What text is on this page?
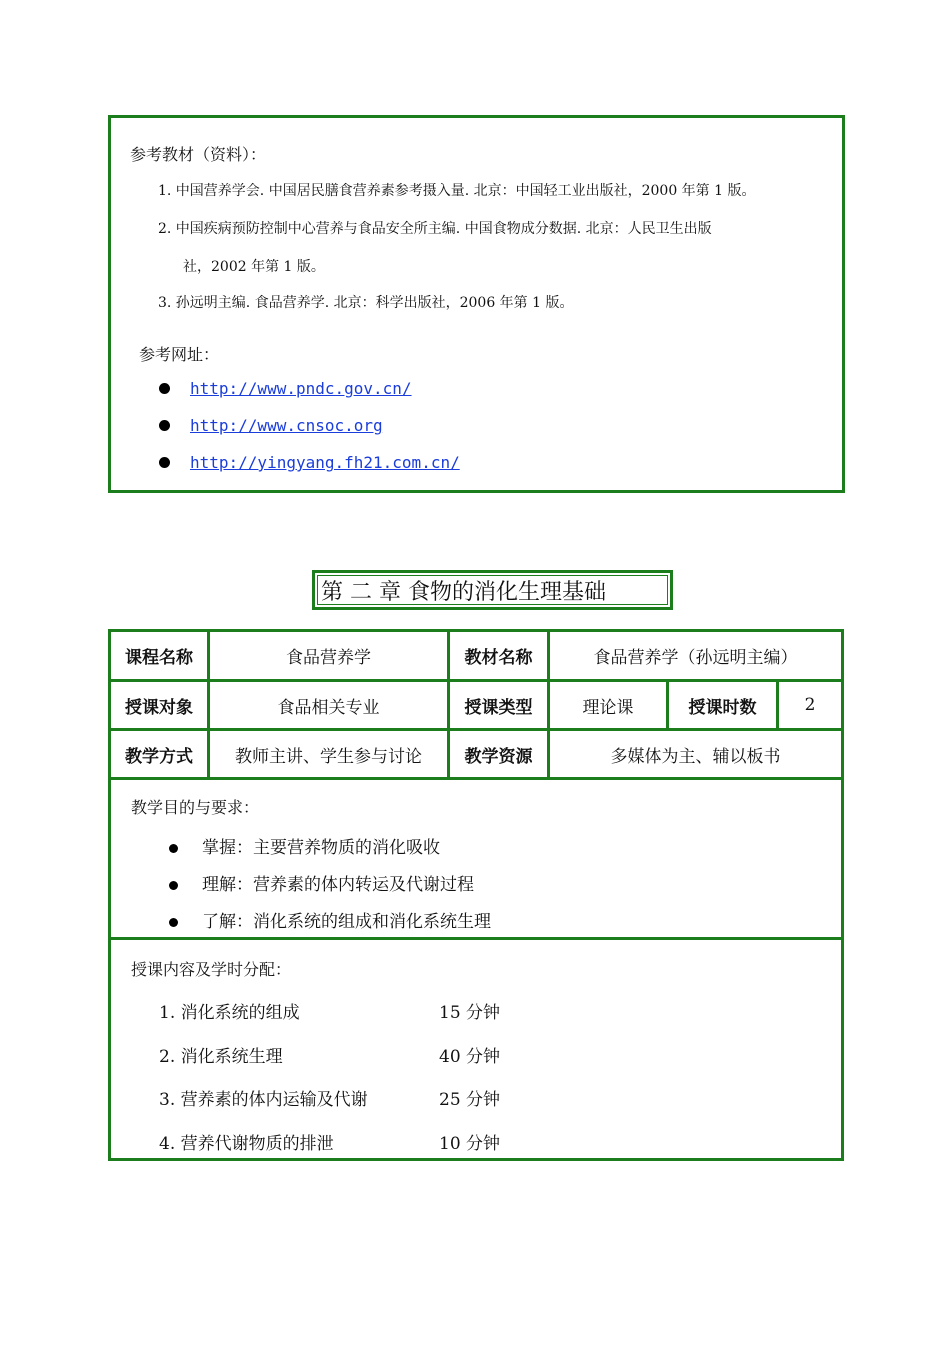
参考教材（资料）：
1. 中国营养学会. 中国居民膳食营养素参考摄入量. 北京：中国轻工业出版社，2000 年第 1 版。
2. 中国疾病预防控制中心营养与食品安全所主编. 中国食物成分数据. 北京：人民卫生出版
社，2002 年第 1 版。
3. 孙远明主编. 食品营养学. 北京：科学出版社，2006 年第 1 版。
参考网址：
http://www.pndc.gov.cn/
http://www.cnsoc.org
http://yingyang.fh21.com.cn/
第 二 章 食物的消化生理基础
课程名称	食品营养学	教材名称	食品营养学（孙远明主编）
授课对象	食品相关专业	授课类型	理论课	授课时数	2
教学方式	教师主讲、学生参与讨论	教学资源	多媒体为主、辅以板书
教学目的与要求：
掌握：主要营养物质的消化吸收
理解：营养素的体内转运及代谢过程
了解：消化系统的组成和消化系统生理
授课内容及学时分配：
1. 消化系统的组成	15 分钟
2. 消化系统生理	40 分钟
3. 营养素的体内运输及代谢	25 分钟
4. 营养代谢物质的排泄	10 分钟
